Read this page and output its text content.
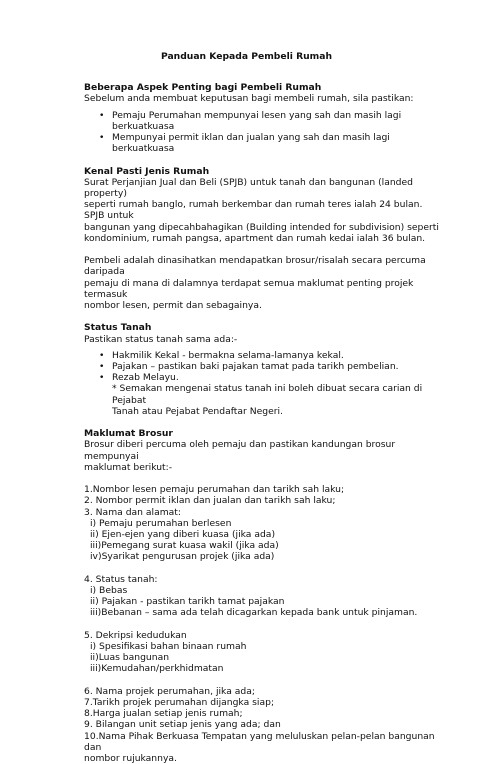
Panduan Kepada Pembeli Rumah

Beberapa Aspek Penting bagi Pembeli Rumah

Sebelum anda membuat keputusan bagi membeli rumah, sila pastikan:

• Pemaju Perumahan mempunyai lesen yang sah dan masih lagi berkuatkuasa
• Mempunyai permit iklan dan jualan yang sah dan masih lagi berkuatkuasa

Kenal Pasti Jenis Rumah

Surat Perjanjian Jual dan Beli (SPJB) untuk tanah dan bangunan (landed property)

seperti rumah banglo, rumah berkembar dan rumah teres ialah 24 bulan. SPJB untuk

bangunan yang dipecahbahagikan (Building intended for subdivision) seperti

kondominium, rumah pangsa, apartment dan rumah kedai ialah 36 bulan.

Pembeli adalah dinasihatkan mendapatkan brosur/risalah secara percuma daripada

pemaju di mana di dalamnya terdapat semua maklumat penting projek termasuk

nombor lesen, permit dan sebagainya.

Status Tanah

Pastikan status tanah sama ada:-

• Hakmilik Kekal - bermakna selama-lamanya kekal.
• Pajakan – pastikan baki pajakan tamat pada tarikh pembelian.
• Rezab Melayu.

* Semakan mengenai status tanah ini boleh dibuat secara carian di Pejabat

Tanah atau Pejabat Pendaftar Negeri.

Maklumat Brosur

Brosur diberi percuma oleh pemaju dan pastikan kandungan brosur mempunyai

maklumat berikut:-

1.Nombor lesen pemaju perumahan dan tarikh sah laku;

2. Nombor permit iklan dan jualan dan tarikh sah laku;

3. Nama dan alamat:

i) Pemaju perumahan berlesen

ii) Ejen-ejen yang diberi kuasa (jika ada)

iii)Pemegang surat kuasa wakil (jika ada)

iv)Syarikat pengurusan projek (jika ada)

4. Status tanah:

i) Bebas

ii) Pajakan - pastikan tarikh tamat pajakan

iii)Bebanan – sama ada telah dicagarkan kepada bank untuk pinjaman.

5. Dekripsi kedudukan

i) Spesifikasi bahan binaan rumah

ii)Luas bangunan

iii)Kemudahan/perkhidmatan

6. Nama projek perumahan, jika ada;

7.Tarikh projek perumahan dijangka siap;

8.Harga jualan setiap jenis rumah;

9. Bilangan unit setiap jenis yang ada; dan

10.Nama Pihak Berkuasa Tempatan yang meluluskan pelan-pelan bangunan dan

nombor rujukannya.
